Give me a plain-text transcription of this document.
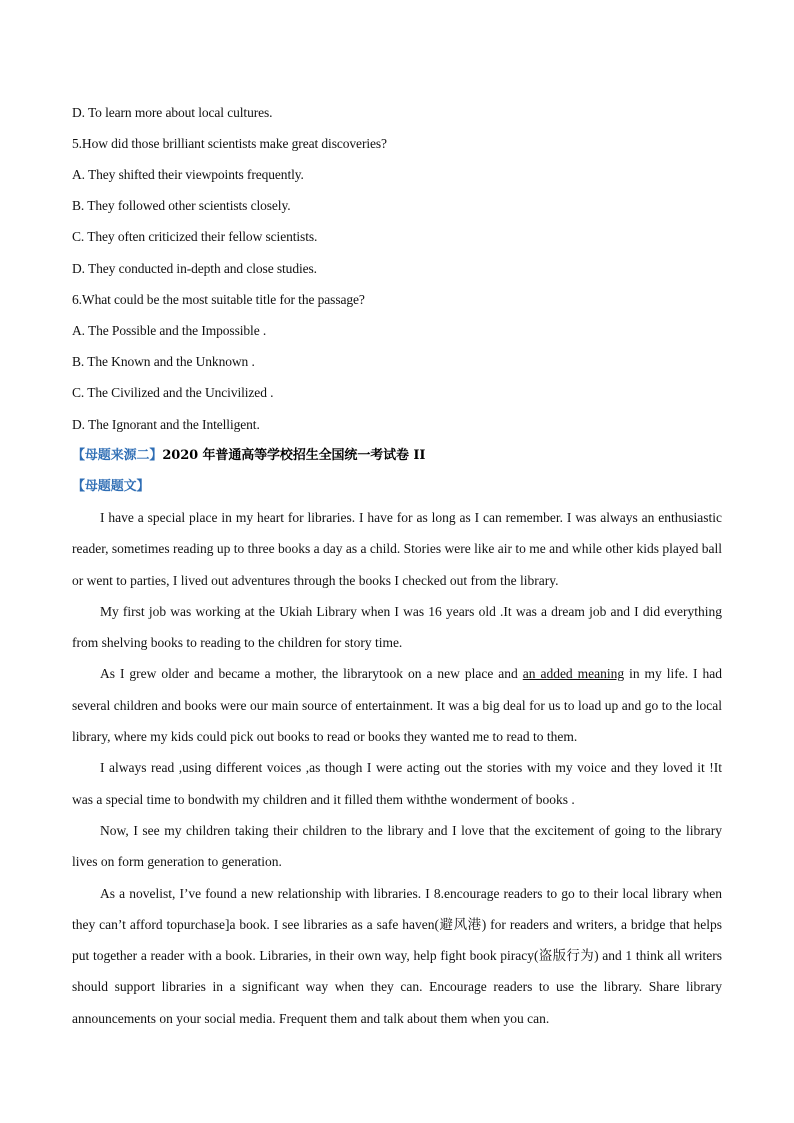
D. To learn more about local cultures.
5.How did those brilliant scientists make great discoveries?
A. They shifted their viewpoints frequently.
B. They followed other scientists closely.
C. They often criticized their fellow scientists.
D. They conducted in-depth and close studies.
6.What could be the most suitable title for the passage?
A. The Possible and the Impossible .
B. The Known and the Unknown .
C. The Civilized and the Uncivilized .
D. The Ignorant and the Intelligent.
【母题来源二】2020 年普通高等学校招生全国统一考试卷 II
【母题题文】

I have a special place in my heart for libraries. I have for as long as I can remember. I was always an enthusiastic reader, sometimes reading up to three books a day as a child. Stories were like air to me and while other kids played ball or went to parties, I lived out adventures through the books I checked out from the library.

My first job was working at the Ukiah Library when I was 16 years old .It was a dream job and I did everything from shelving books to reading to the children for story time.

As I grew older and became a mother, the librarytook on a new place and an added meaning in my life. I had several children and books were our main source of entertainment. It was a big deal for us to load up and go to the local library, where my kids could pick out books to read or books they wanted me to read to them.

I always read ,using different voices ,as though I were acting out the stories with my voice and they loved it !It was a special time to bondwith my children and it filled them withthe wonderment of books .

Now, I see my children taking their children to the library and I love that the excitement of going to the library lives on form generation to generation.

As a novelist, I’ve found a new relationship with libraries. I 8.encourage readers to go to their local library when they can’t afford topurchase]a book. I see libraries as a safe haven(避风港) for readers and writers, a bridge that helps put together a reader with a book. Libraries, in their own way, help fight book piracy(盗版行为) and 1 think all writers should support libraries in a significant way when they can. Encourage readers to use the library. Share library announcements on your social media. Frequent them and talk about them when you can.
